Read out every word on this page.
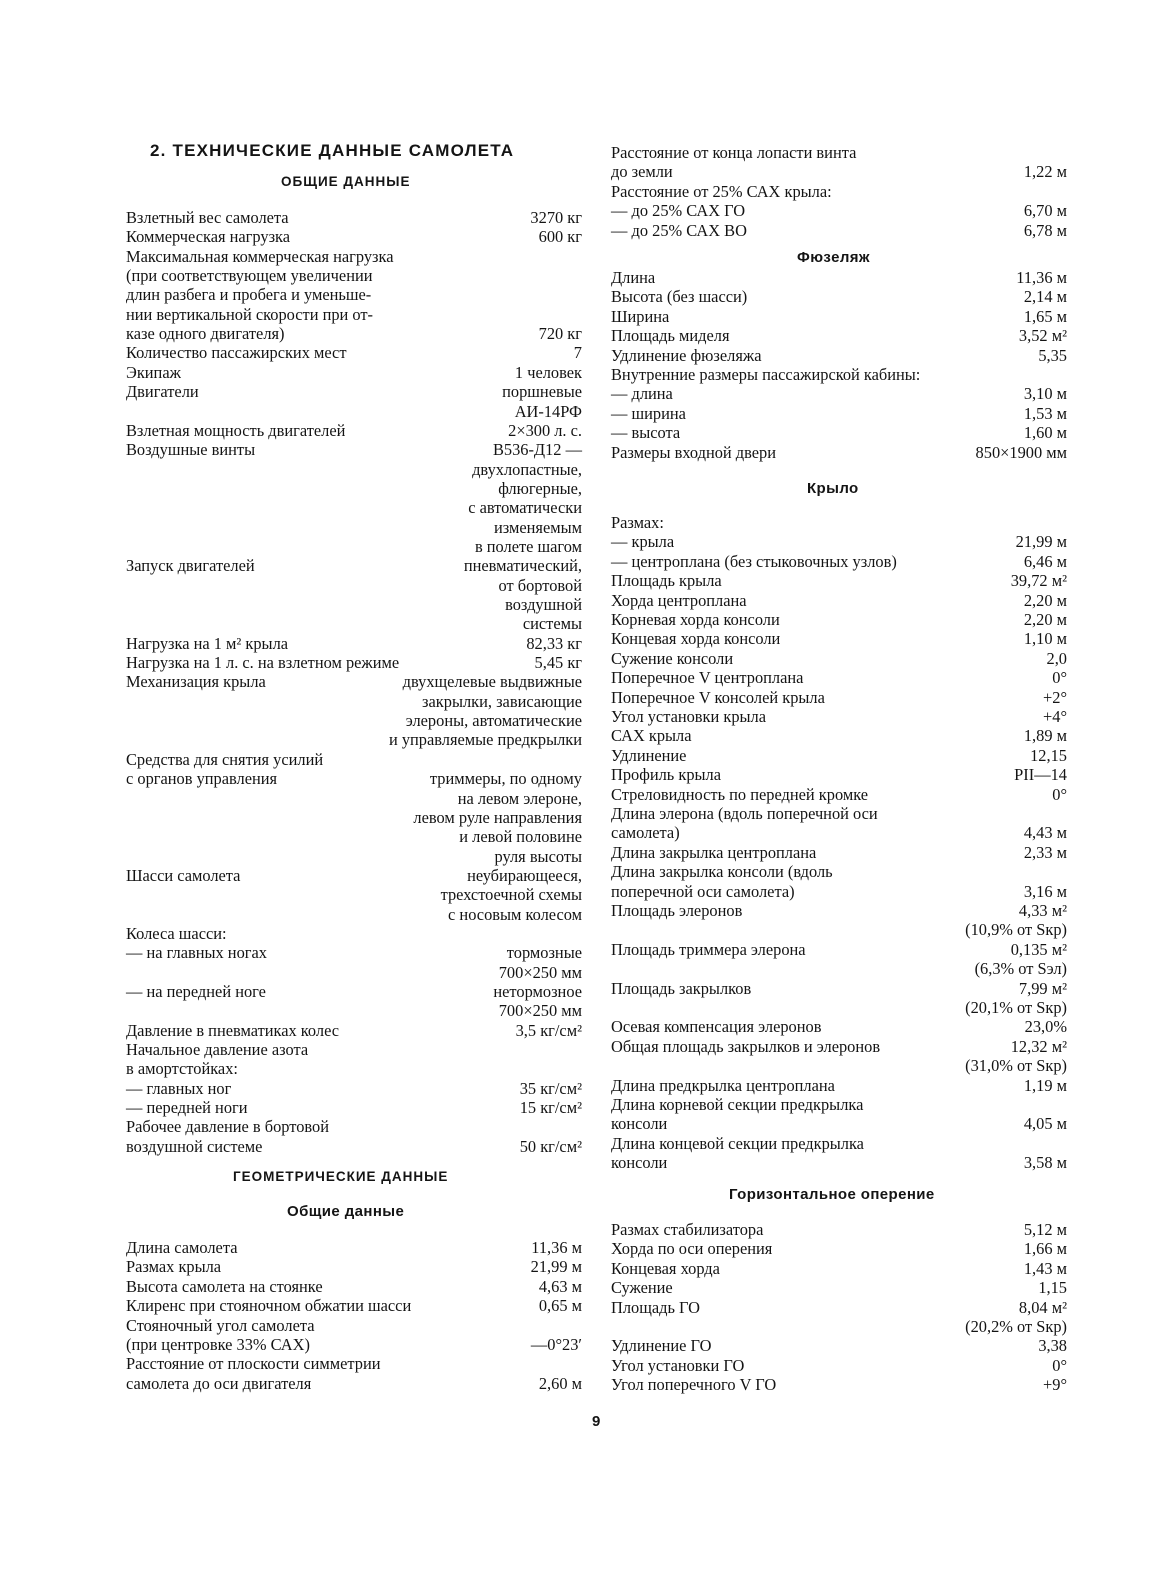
2. ТЕХНИЧЕСКИЕ ДАННЫЕ САМОЛЕТА
ОБЩИЕ ДАННЫЕ
Взлетный вес самолета	3270 кг
Коммерческая нагрузка	600 кг
Максимальная коммерческая нагрузка
(при соответствующем увеличении
длин разбега и пробега и уменьше-
нии вертикальной скорости при от-
казе одного двигателя)	720 кг
Количество пассажирских мест	7
Экипаж	1 человек
Двигатели	поршневые
АИ-14РФ
Взлетная мощность двигателей	2×300 л. с.
Воздушные винты	В536-Д12 —
двухлопастные,
флюгерные,
с автоматически
изменяемым
в полете шагом
Запуск двигателей	пневматический,
от бортовой
воздушной
системы
Нагрузка на 1 м² крыла	82,33 кг
Нагрузка на 1 л. с. на взлетном режиме	5,45 кг
Механизация крыла	двухщелевые выдвижные
закрылки, зависающие
элероны, автоматические
и управляемые предкрылки
Средства для снятия усилий
с органов управления	триммеры, по одному
на левом элероне,
левом руле направления
и левой половине
руля высоты
Шасси самолета	неубирающееся,
трехстоечной схемы
с носовым колесом
Колеса шасси:
— на главных ногах	тормозные
700×250 мм
— на передней ноге	нетормозное
700×250 мм
Давление в пневматиках колес	3,5 кг/см²
Начальное давление азота
в амортстойках:
— главных ног	35 кг/см²
— передней ноги	15 кг/см²
Рабочее давление в бортовой
воздушной системе	50 кг/см²
ГЕОМЕТРИЧЕСКИЕ ДАННЫЕ
Общие данные
Длина самолета	11,36 м
Размах крыла	21,99 м
Высота самолета на стоянке	4,63 м
Клиренс при стояночном обжатии шасси	0,65 м
Стояночный угол самолета
(при центровке 33% САХ)	—0°23′
Расстояние от плоскости симметрии
самолета до оси двигателя	2,60 м
Расстояние от конца лопасти винта
до земли	1,22 м
Расстояние от 25% САХ крыла:
— до 25% САХ ГО	6,70 м
— до 25% САХ ВО	6,78 м
Фюзеляж
Длина	11,36 м
Высота (без шасси)	2,14 м
Ширина	1,65 м
Площадь миделя	3,52 м²
Удлинение фюзеляжа	5,35
Внутренние размеры пассажирской кабины:
— длина	3,10 м
— ширина	1,53 м
— высота	1,60 м
Размеры входной двери	850×1900 мм
Крыло
Размах:
— крыла	21,99 м
— центроплана (без стыковочных узлов)	6,46 м
Площадь крыла	39,72 м²
Хорда центроплана	2,20 м
Корневая хорда консоли	2,20 м
Концевая хорда консоли	1,10 м
Сужение консоли	2,0
Поперечное V центроплана	0°
Поперечное V консолей крыла	+2°
Угол установки крыла	+4°
САХ крыла	1,89 м
Удлинение	12,15
Профиль крыла	РII—14
Стреловидность по передней кромке	0°
Длина элерона (вдоль поперечной оси
самолета)	4,43 м
Длина закрылка центроплана	2,33 м
Длина закрылка консоли (вдоль
поперечной оси самолета)	3,16 м
Площадь элеронов	4,33 м²
(10,9% от Sкр)
Площадь триммера элерона	0,135 м²
(6,3% от Sэл)
Площадь закрылков	7,99 м²
(20,1% от Sкр)
Осевая компенсация элеронов	23,0%
Общая площадь закрылков и элеронов	12,32 м²
(31,0% от Sкр)
Длина предкрылка центроплана	1,19 м
Длина корневой секции предкрылка
консоли	4,05 м
Длина концевой секции предкрылка
консоли	3,58 м
Горизонтальное оперение
Размах стабилизатора	5,12 м
Хорда по оси оперения	1,66 м
Концевая хорда	1,43 м
Сужение	1,15
Площадь ГО	8,04 м²
(20,2% от Sкр)
Удлинение ГО	3,38
Угол установки ГО	0°
Угол поперечного V ГО	+9°
9
